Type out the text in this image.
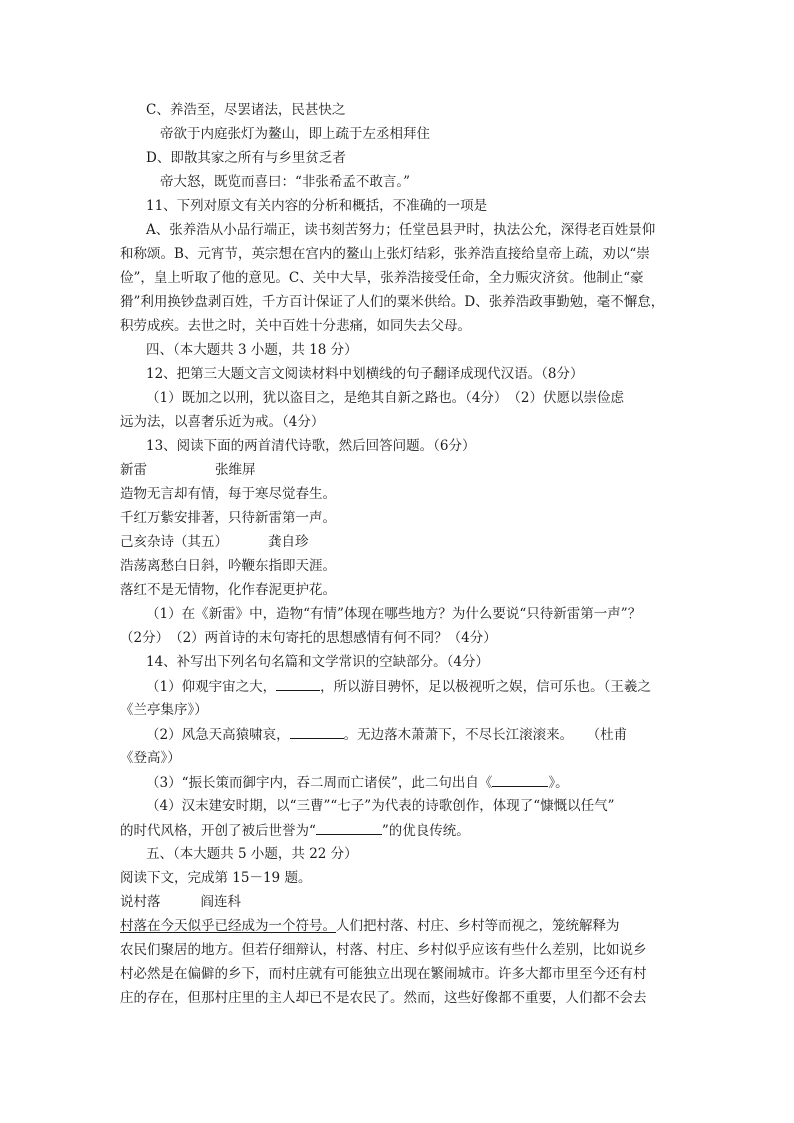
C、养浩至，尽罢诸法，民甚快之
帝欲于内庭张灯为鳌山，即上疏于左丞相拜住
D、即散其家之所有与乡里贫乏者
帝大怒，既览而喜曰：“非张希孟不敢言。”
11、下列对原文有关内容的分析和概括，不准确的一项是
A、张养浩从小品行端正，读书刻苦努力；任堂邑县尹时，执法公允，深得老百姓景仰
和称颂。B、元宵节，英宗想在宫内的鳌山上张灯结彩，张养浩直接给皇帝上疏，劝以“崇
俭”，皇上听取了他的意见。C、关中大旱，张养浩接受任命，全力赈灾济贫。他制止“豪
猾”利用换钞盘剥百姓，千方百计保证了人们的粟米供给。D、张养浩政事勤勉，毫不懈怠，
积劳成疾。去世之时，关中百姓十分悲痛，如同失去父母。
四、（本大题共 3 小题，共 18 分）
12、把第三大题文言文阅读材料中划横线的句子翻译成现代汉语。（8分）
（1）既加之以刑，犹以盗目之，是绝其自新之路也。（4分）　（2）伏愿以崇俭虑
远为法，以喜奢乐近为戒。（4分）
13、阅读下面的两首清代诗歌，然后回答问题。（6分）
新雷	张维屏
造物无言却有情，每于寒尽觉春生。
千红万紫安排著，只待新雷第一声。
己亥杂诗（其五）	龚自珍
浩荡离愁白日斜，吟鞭东指即天涯。
落红不是无情物，化作春泥更护花。
（1）在《新雷》中，造物“有情”体现在哪些地方？为什么要说“只待新雷第一声”？
（2分）　（2）两首诗的末句寄托的思想感情有何不同？（4分）
14、补写出下列名句名篇和文学常识的空缺部分。（4分）
（1）仰观宇宙之大，	，所以游目骋怀，足以极视听之娱，信可乐也。（王羲之
《兰亭集序》）
（2）风急天高猿啸哀，	。无边落木萧萧下，不尽长江滚滚来。　　（杜甫
《登高》）
（3）“振长策而御宇内，吞二周而亡诸侯”，此二句出自《	》。
（4）汉末建安时期，以“三曹”“七子”为代表的诗歌创作，体现了“慷慨以任气”
的时代风格，开创了被后世誉为“	”的优良传统。
五、（本大题共 5 小题，共 22 分）
阅读下文，完成第 15－19 题。
说村落	阎连科
村落在今天似乎已经成为一个符号。人们把村落、村庄、乡村等而视之，笼统解释为
农民们聚居的地方。但若仔细辩认，村落、村庄、乡村似乎应该有些什么差别，比如说乡
村必然是在偏僻的乡下，而村庄就有可能独立出现在繁闹城市。许多大都市里至今还有村
庄的存在，但那村庄里的主人却已不是农民了。然而，这些好像都不重要，人们都不会去
